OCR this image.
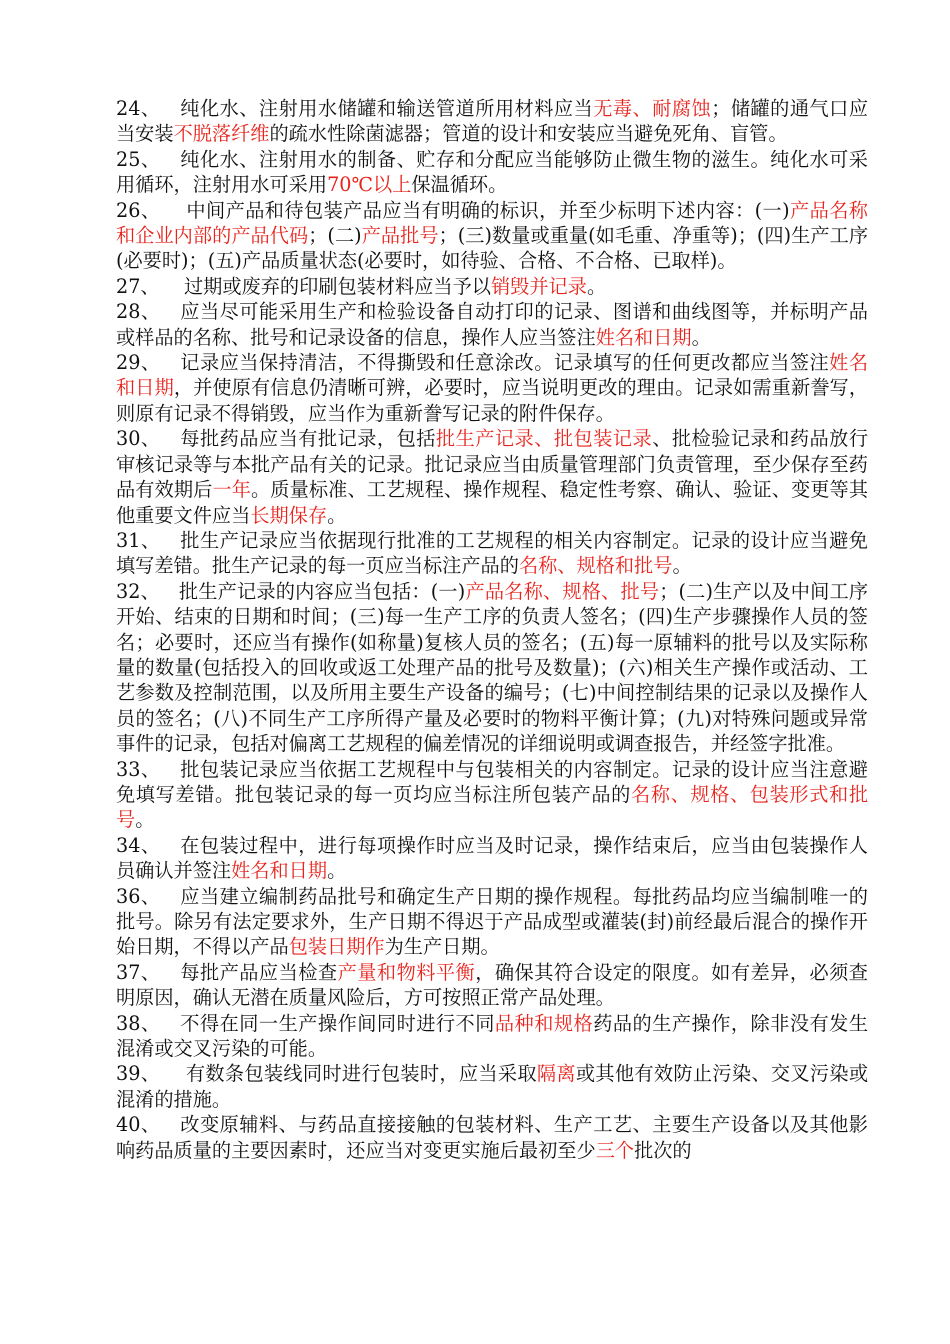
24、   纯化水、注射用水储罐和输送管道所用材料应当无毒、耐腐蚀；储罐的通气口应当安装不脱落纤维的疏水性除菌滤器；管道的设计和安装应当避免死角、盲管。

25、   纯化水、注射用水的制备、贮存和分配应当能够防止微生物的滋生。纯化水可采用循环，注射用水可采用70℃以上保温循环。

26、    中间产品和待包装产品应当有明确的标识，并至少标明下述内容：(一)产品名称和企业内部的产品代码；(二)产品批号；(三)数量或重量(如毛重、净重等)；(四)生产工序(必要时)；(五)产品质量状态(必要时，如待验、合格、不合格、已取样)。

27、    过期或废弃的印刷包装材料应当予以销毁并记录。

28、   应当尽可能采用生产和检验设备自动打印的记录、图谱和曲线图等，并标明产品或样品的名称、批号和记录设备的信息，操作人应当签注姓名和日期。

29、   记录应当保持清洁，不得撕毁和任意涂改。记录填写的任何更改都应当签注姓名和日期，并使原有信息仍清晰可辨，必要时，应当说明更改的理由。记录如需重新誊写，则原有记录不得销毁，应当作为重新誊写记录的附件保存。

30、   每批药品应当有批记录，包括批生产记录、批包装记录、批检验记录和药品放行审核记录等与本批产品有关的记录。批记录应当由质量管理部门负责管理，至少保存至药品有效期后一年。质量标准、工艺规程、操作规程、稳定性考察、确认、验证、变更等其他重要文件应当长期保存。

31、   批生产记录应当依据现行批准的工艺规程的相关内容制定。记录的设计应当避免填写差错。批生产记录的每一页应当标注产品的名称、规格和批号。

32、   批生产记录的内容应当包括：(一)产品名称、规格、批号；(二)生产以及中间工序开始、结束的日期和时间；(三)每一生产工序的负责人签名；(四)生产步骤操作人员的签名；必要时，还应当有操作(如称量)复核人员的签名；(五)每一原辅料的批号以及实际称量的数量(包括投入的回收或返工处理产品的批号及数量)；(六)相关生产操作或活动、工艺参数及控制范围，以及所用主要生产设备的编号；(七)中间控制结果的记录以及操作人员的签名；(八)不同生产工序所得产量及必要时的物料平衡计算；(九)对特殊问题或异常事件的记录，包括对偏离工艺规程的偏差情况的详细说明或调查报告，并经签字批准。

33、   批包装记录应当依据工艺规程中与包装相关的内容制定。记录的设计应当注意避免填写差错。批包装记录的每一页均应当标注所包装产品的名称、规格、包装形式和批号。

34、   在包装过程中，进行每项操作时应当及时记录，操作结束后，应当由包装操作人员确认并签注姓名和日期。

36、   应当建立编制药品批号和确定生产日期的操作规程。每批药品均应当编制唯一的批号。除另有法定要求外，生产日期不得迟于产品成型或灌装(封)前经最后混合的操作开始日期，不得以产品包装日期作为生产日期。

37、   每批产品应当检查产量和物料平衡，确保其符合设定的限度。如有差异，必须查明原因，确认无潜在质量风险后，方可按照正常产品处理。

38、   不得在同一生产操作间同时进行不同品种和规格药品的生产操作，除非没有发生混淆或交叉污染的可能。

39、    有数条包装线同时进行包装时，应当采取隔离或其他有效防止污染、交叉污染或混淆的措施。

40、   改变原辅料、与药品直接接触的包装材料、生产工艺、主要生产设备以及其他影响药品质量的主要因素时，还应当对变更实施后最初至少三个批次的
